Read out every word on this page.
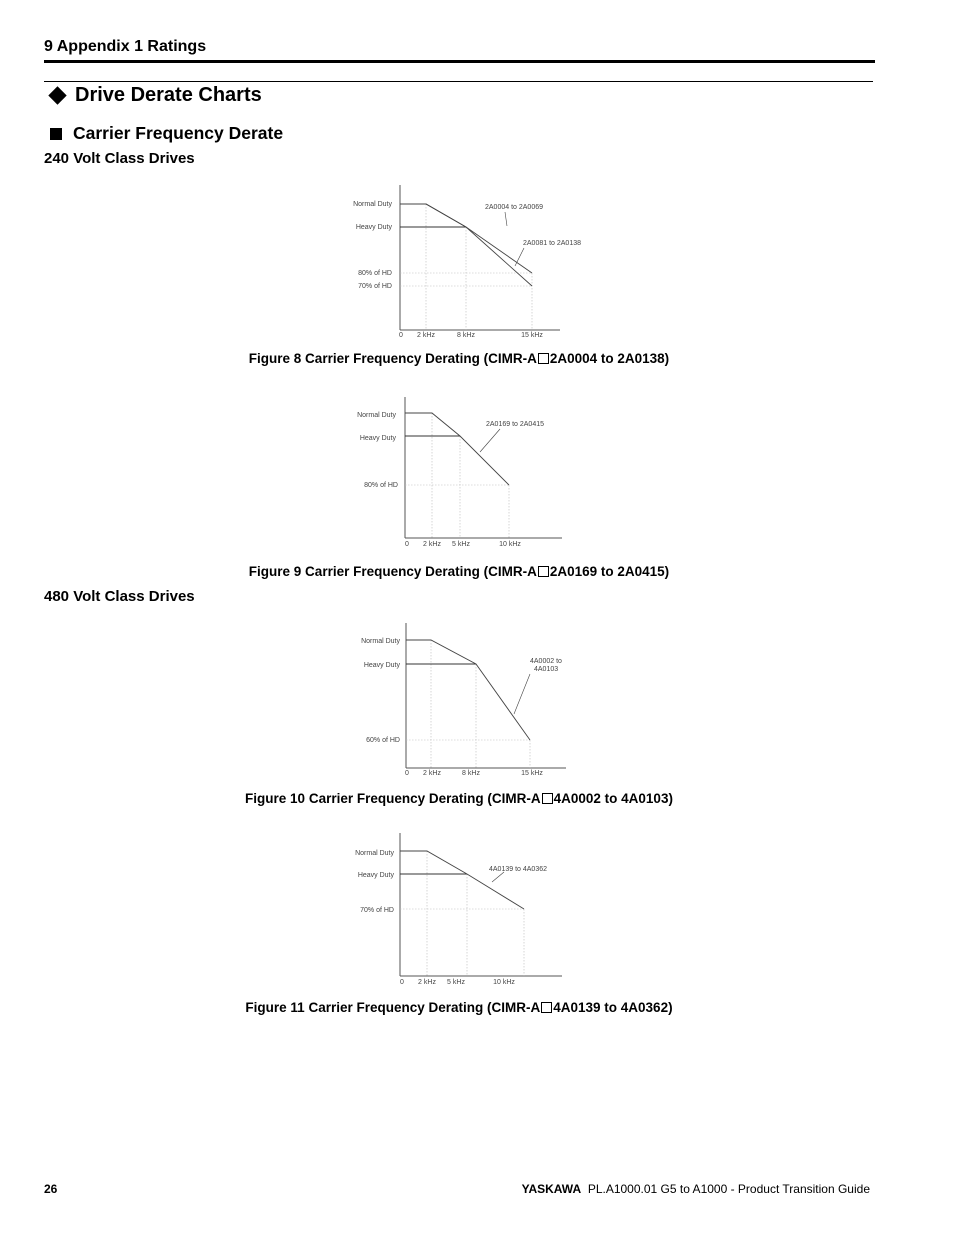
9 Appendix 1 Ratings
Drive Derate Charts
Carrier Frequency Derate
240 Volt Class Drives
Normal Duty
Heavy Duty
80% of HD
70% of HD
0 2 kHz	8 kHz	15 kHz
2A0004 to 2A0069
2A0081 to 2A0138
Figure 8 Carrier Frequency Derating (CIMR-A 2A0004 to 2A0138)
Normal Duty
Heavy Duty
80% of HD
0 2 kHz 5 kHz	10 kHz
2A0169 to 2A0415
Figure 9 Carrier Frequency Derating (CIMR-A 2A0169 to 2A0415)
480 Volt Class Drives
Normal Duty
Heavy Duty
60% of HD
0 2 kHz	8 kHz	15 kHz
4A0002 to
4A0103
Figure 10 Carrier Frequency Derating (CIMR-A 4A0002 to 4A0103)
Normal Duty
Heavy Duty
70% of HD
0 2 kHz 5 kHz	10 kHz
4A0139 to 4A0362
Figure 11 Carrier Frequency Derating (CIMR-A 4A0139 to 4A0362)
26	YASKAWA PL.A1000.01 G5 to A1000 - Product Transition Guide
